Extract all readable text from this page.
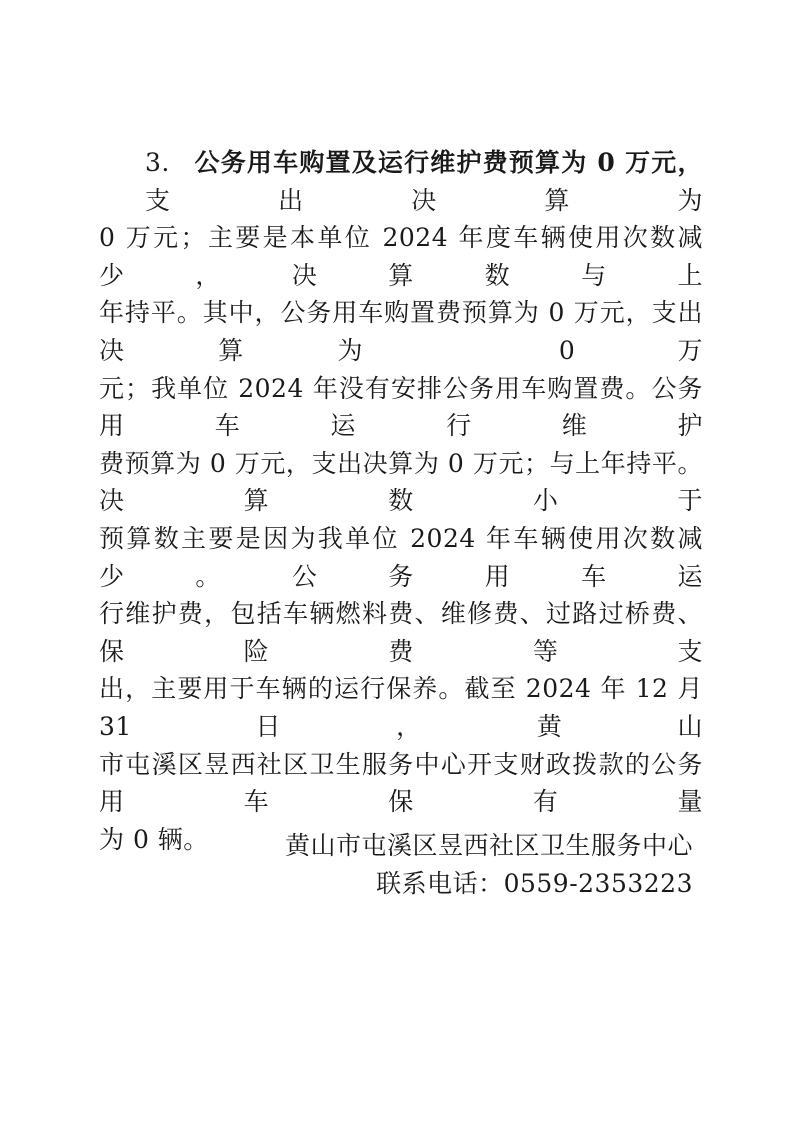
3. 公务用车购置及运行维护费预算为 0 万元，支出决算为
0 万元；主要是本单位 2024 年度车辆使用次数减少，决算数与上
年持平。其中，公务用车购置费预算为 0 万元，支出决算为 0 万
元；我单位 2024 年没有安排公务用车购置费。公务用车运行维护
费预算为 0 万元，支出决算为 0 万元；与上年持平。决算数小于
预算数主要是因为我单位 2024 年车辆使用次数减少。公务用车运
行维护费，包括车辆燃料费、维修费、过路过桥费、保险费等支
出，主要用于车辆的运行保养。截至 2024 年 12 月 31 日，黄山
市屯溪区昱西社区卫生服务中心开支财政拨款的公务用车保有量
为 0 辆。	黄山市屯溪区昱西社区卫生服务中心
联系电话：0559-2353223
